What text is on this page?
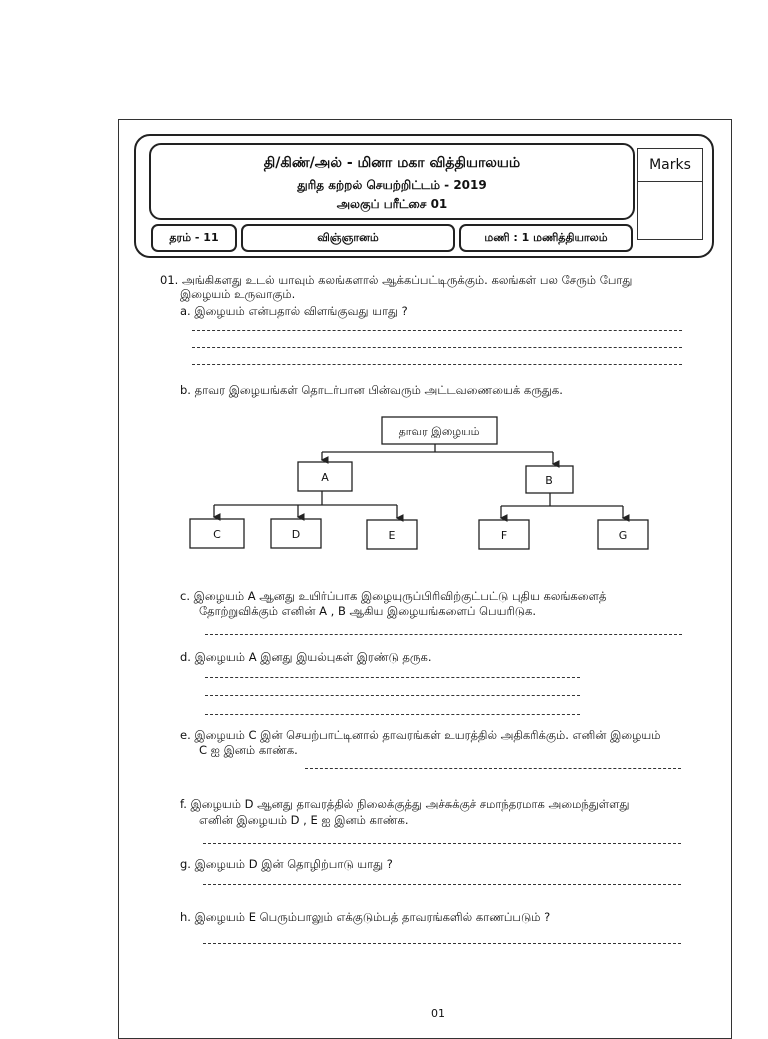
தி/கிண்/அல் - மினா மகா வித்தியாலயம்
துரித கற்றல் செயற்றிட்டம் - 2019
அலகுப் பரீட்சை 01
Marks
தரம் - 11	விஞ்ஞானம்	மணி : 1 மணித்தியாலம்
01. அங்கிகளது உடல் யாவும் கலங்களால் ஆக்கப்பட்டிருக்கும். கலங்கள் பல சேரும் போது
இழையம் உருவாகும்.
a. இழையம் என்பதால் விளங்குவது யாது ?
b. தாவர இழையங்கள் தொடர்பான பின்வரும் அட்டவணையைக் கருதுக.
தாவர இழையம்
A	B
C	D	E	F	G
c. இழையம் A ஆனது உயிர்ப்பாக இழையுருப்பிரிவிற்குட்பட்டு புதிய கலங்களைத்
தோற்றுவிக்கும் எனின் A , B ஆகிய இழையங்களைப் பெயரிடுக.
d. இழையம் A இனது இயல்புகள் இரண்டு தருக.
e. இழையம் C இன் செயற்பாட்டினால் தாவரங்கள் உயரத்தில் அதிகரிக்கும். எனின் இழையம்
C ஐ இனம் காண்க.
f. இழையம் D ஆனது தாவரத்தில் நிலைக்குத்து அச்சுக்குச் சமாந்தரமாக அமைந்துள்ளது
எனின் இழையம் D , E ஐ இனம் காண்க.
g. இழையம் D இன் தொழிற்பாடு யாது ?
h. இழையம் E பெரும்பாலும் எக்குடும்பத் தாவரங்களில் காணப்படும் ?
01
